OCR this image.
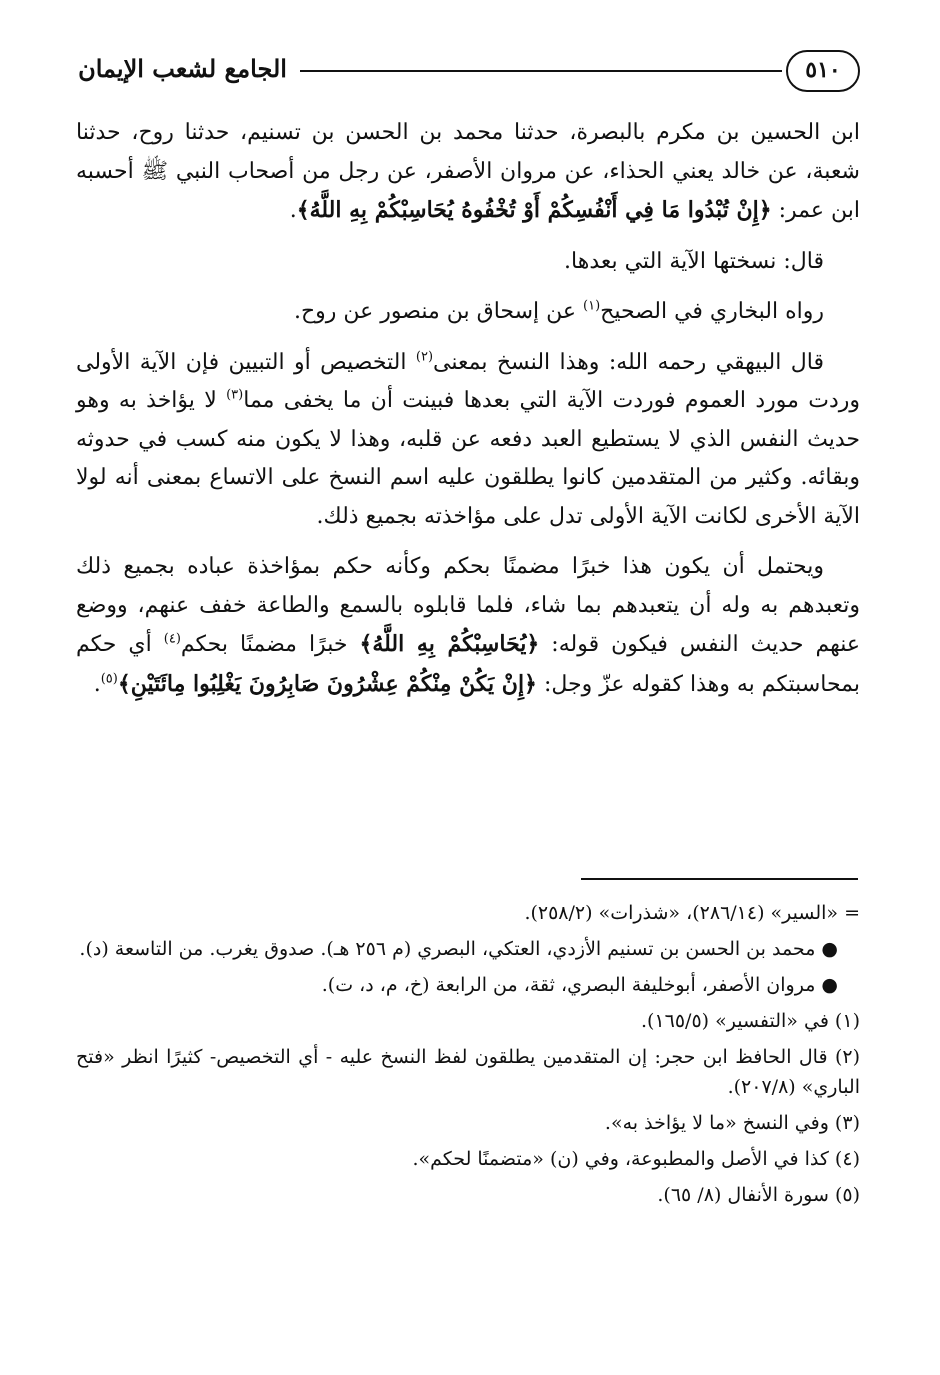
الجامع لشعب الإيمان	٥١٠

ابن الحسين بن مكرم بالبصرة، حدثنا محمد بن الحسن بن تسنيم، حدثنا روح، حدثنا شعبة، عن خالد يعني الحذاء، عن مروان الأصفر، عن رجل من أصحاب النبي ﷺ أحسبه ابن عمر: ﴿إِنْ تُبْدُوا مَا فِي أَنْفُسِكُمْ أَوْ تُخْفُوهُ يُحَاسِبْكُمْ بِهِ اللَّهُ﴾.

قال: نسختها الآية التي بعدها.

رواه البخاري في الصحيح$^{(١)}$ عن إسحاق بن منصور عن روح.

قال البيهقي رحمه الله: وهذا النسخ بمعنى$^{(٢)}$ التخصيص أو التبيين فإن الآية الأولى وردت مورد العموم فوردت الآية التي بعدها فبينت أن ما يخفى مما$^{(٣)}$ لا يؤاخذ به وهو حديث النفس الذي لا يستطيع العبد دفعه عن قلبه، وهذا لا يكون منه كسب في حدوثه وبقائه. وكثير من المتقدمين كانوا يطلقون عليه اسم النسخ على الاتساع بمعنى أنه لولا الآية الأخرى لكانت الآية الأولى تدل على مؤاخذته بجميع ذلك.

ويحتمل أن يكون هذا خبرًا مضمنًا بحكم وكأنه حكم بمؤاخذة عباده بجميع ذلك وتعبدهم به وله أن يتعبدهم بما شاء، فلما قابلوه بالسمع والطاعة خفف عنهم، ووضع عنهم حديث النفس فيكون قوله: ﴿يُحَاسِبْكُمْ بِهِ اللَّهُ﴾ خبرًا مضمنًا بحكم$^{(٤)}$ أي حكم بمحاسبتكم به وهذا كقوله عزّ وجل: ﴿إِنْ يَكُنْ مِنْكُمْ عِشْرُونَ صَابِرُونَ يَغْلِبُوا مِائَتَيْنِ﴾$^{(٥)}$.

= «السير» (٢٨٦/١٤)، «شذرات» (٢٥٨/٢).

● محمد بن الحسن بن تسنيم الأزدي، العتكي، البصري (م ٢٥٦ هـ). صدوق يغرب. من التاسعة (د).

● مروان الأصفر، أبوخليفة البصري، ثقة، من الرابعة (خ، م، د، ت).

(١) في «التفسير» (١٦٥/٥).

(٢) قال الحافظ ابن حجر: إن المتقدمين يطلقون لفظ النسخ عليه - أي التخصيص- كثيرًا انظر «فتح الباري» (٢٠٧/٨).

(٣) وفي النسخ «ما لا يؤاخذ به».

(٤) كذا في الأصل والمطبوعة، وفي (ن) «متضمنًا لحكم».

(٥) سورة الأنفال (٨/ ٦٥).
